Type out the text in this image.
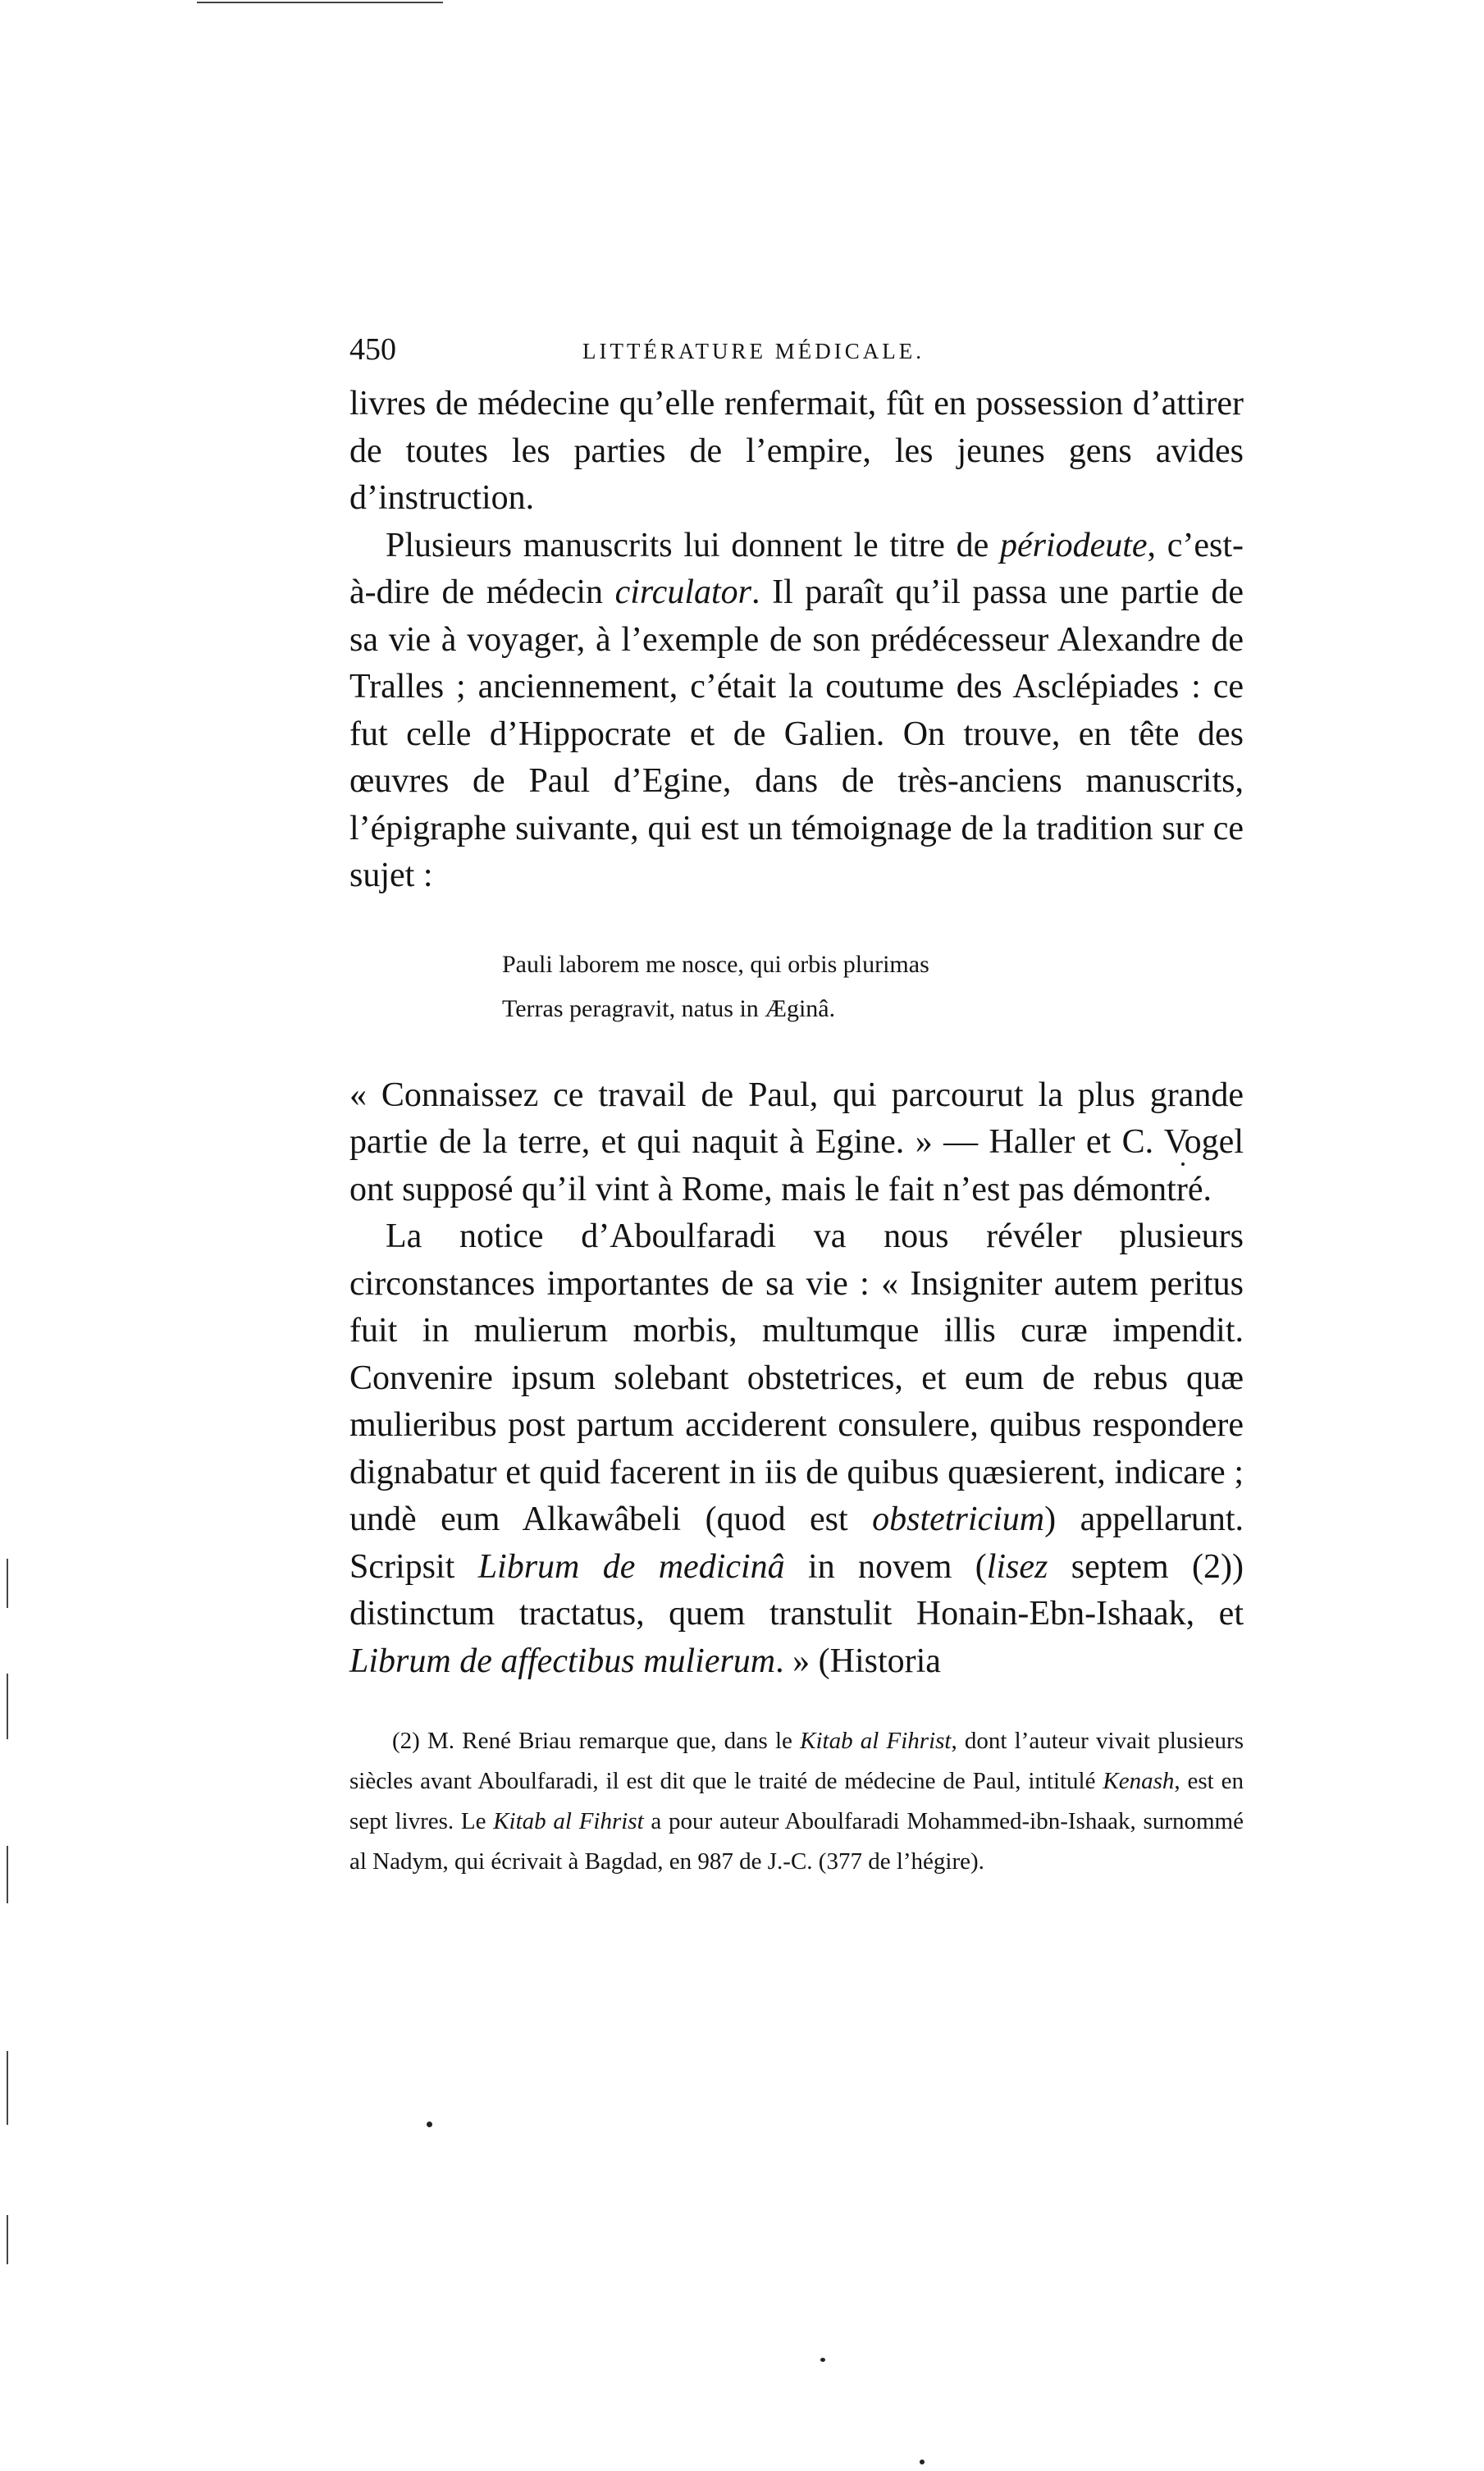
450	LITTÉRATURE MÉDICALE.

livres de médecine qu’elle renfermait, fût en possession d’attirer de toutes les parties de l’empire, les jeunes gens avides d’instruction.

Plusieurs manuscrits lui donnent le titre de périodeute, c’est-à-dire de médecin circulator. Il paraît qu’il passa une partie de sa vie à voyager, à l’exemple de son prédécesseur Alexandre de Tralles ; anciennement, c’était la coutume des Asclépiades : ce fut celle d’Hippocrate et de Galien. On trouve, en tête des œuvres de Paul d’Egine, dans de très-anciens manuscrits, l’épigraphe suivante, qui est un témoignage de la tradition sur ce sujet :

Pauli laborem me nosce, qui orbis plurimas
Terras peragravit, natus in Æginâ.

« Connaissez ce travail de Paul, qui parcourut la plus grande partie de la terre, et qui naquit à Egine. » — Haller et C. Vogel ont supposé qu’il vint à Rome, mais le fait n’est pas démontré.

La notice d’Aboulfaradi va nous révéler plusieurs circonstances importantes de sa vie : « Insigniter autem peritus fuit in mulierum morbis, multumque illis curæ impendit. Convenire ipsum solebant obstetrices, et eum de rebus quæ mulieribus post partum acciderent consulere, quibus respondere dignabatur et quid facerent in iis de quibus quæsierent, indicare ; undè eum Alkawâbeli (quod est obstetricium) appellarunt. Scripsit Librum de medicinâ in novem (lisez septem (2)) distinctum tractatus, quem transtulit Honain-Ebn-Ishaak, et Librum de affectibus mulierum. » (Historia

(2) M. René Briau remarque que, dans le Kitab al Fihrist, dont l’auteur vivait plusieurs siècles avant Aboulfaradi, il est dit que le traité de médecine de Paul, intitulé Kenash, est en sept livres. Le Kitab al Fihrist a pour auteur Aboulfaradi Mohammed-ibn-Ishaak, surnommé al Nadym, qui écrivait à Bagdad, en 987 de J.-C. (377 de l’hégire).
